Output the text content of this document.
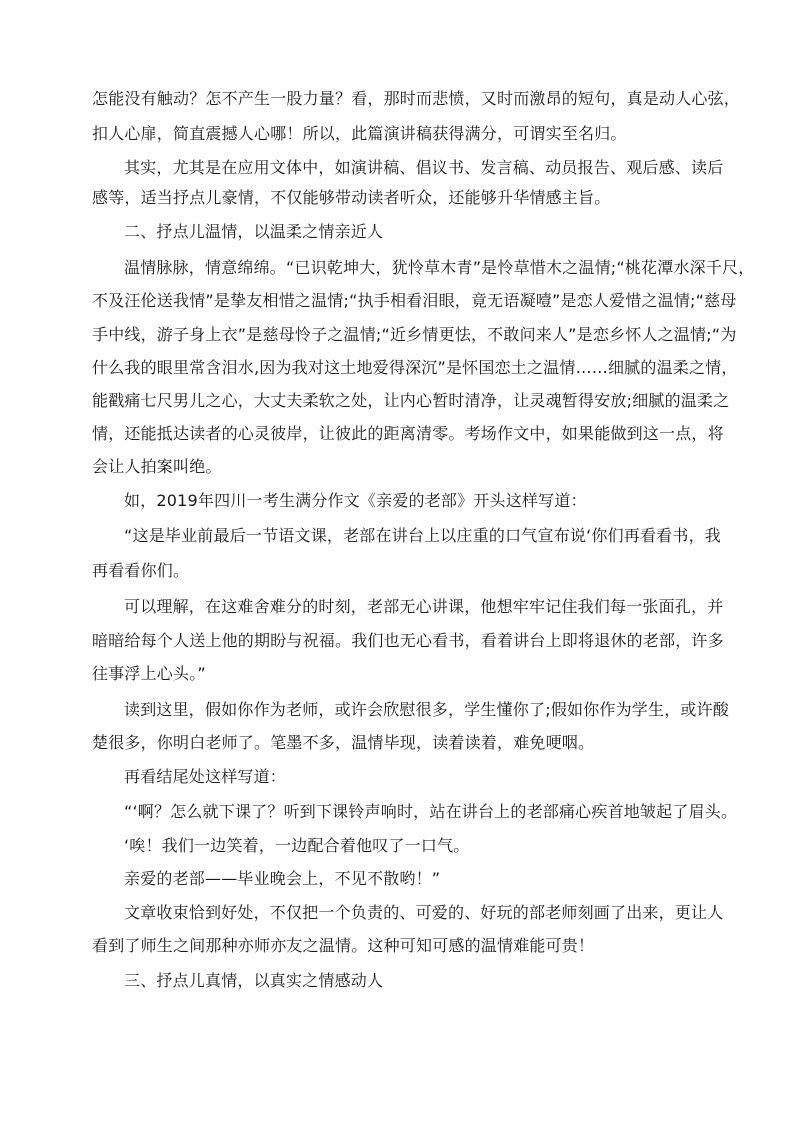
怎能没有触动？怎不产生一股力量？看，那时而悲愤，又时而激昂的短句，真是动人心弦，
扣人心扉，简直震撼人心哪！所以，此篇演讲稿获得满分，可谓实至名归。
其实，尤其是在应用文体中，如演讲稿、倡议书、发言稿、动员报告、观后感、读后
感等，适当抒点儿豪情，不仅能够带动读者听众，还能够升华情感主旨。
二、抒点儿温情，以温柔之情亲近人
温情脉脉，情意绵绵。“已识乾坤大，犹怜草木青”是怜草惜木之温情;“桃花潭水深千尺，
不及汪伦送我情”是挚友相惜之温情;“执手相看泪眼，竟无语凝噎”是恋人爱惜之温情;“慈母
手中线，游子身上衣”是慈母怜子之温情;“近乡情更怯，不敢问来人”是恋乡怀人之温情;“为
什么我的眼里常含泪水,因为我对这土地爱得深沉”是怀国恋土之温情……细腻的温柔之情，
能戳痛七尺男儿之心，大丈夫柔软之处，让内心暂时清净，让灵魂暂得安放;细腻的温柔之
情，还能抵达读者的心灵彼岸，让彼此的距离清零。考场作文中，如果能做到这一点，将
会让人拍案叫绝。
如，2019年四川一考生满分作文《亲爱的老部》开头这样写道：
“这是毕业前最后一节语文课，老部在讲台上以庄重的口气宣布说‘你们再看看书，我
再看看你们。
可以理解，在这难舍难分的时刻，老部无心讲课，他想牢牢记住我们每一张面孔，并
暗暗给每个人送上他的期盼与祝福。我们也无心看书，看着讲台上即将退休的老部，许多
往事浮上心头。”
读到这里，假如你作为老师，或许会欣慰很多，学生懂你了;假如你作为学生，或许酸
楚很多，你明白老师了。笔墨不多，温情毕现，读着读着，难免哽咽。
再看结尾处这样写道：
“‘啊？怎么就下课了？听到下课铃声响时，站在讲台上的老部痛心疾首地皱起了眉头。
‘唉！我们一边笑着，一边配合着他叹了一口气。
亲爱的老部——毕业晚会上，不见不散哟！”
文章收束恰到好处，不仅把一个负责的、可爱的、好玩的部老师刻画了出来，更让人
看到了师生之间那种亦师亦友之温情。这种可知可感的温情难能可贵！
三、抒点儿真情，以真实之情感动人
